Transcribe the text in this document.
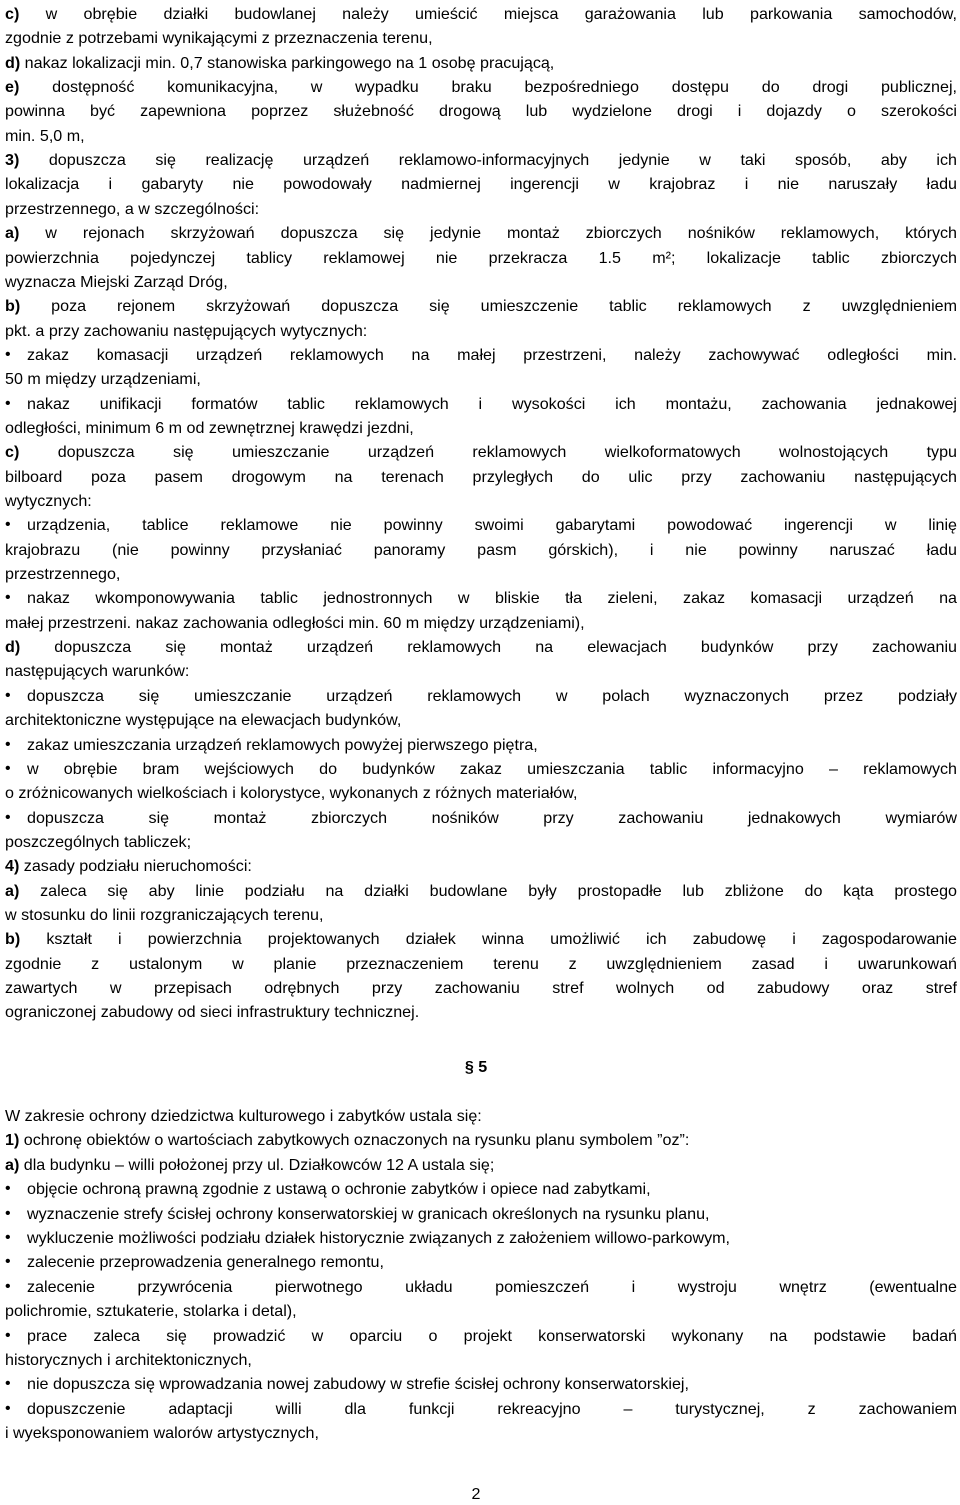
c) w obrębie działki budowlanej należy umieścić miejsca garażowania lub parkowania samochodów,
zgodnie z potrzebami wynikającymi z przeznaczenia terenu,
d) nakaz lokalizacji min. 0,7 stanowiska parkingowego na 1 osobę pracującą,
e) dostępność komunikacyjna, w wypadku braku bezpośredniego dostępu do drogi publicznej,
powinna być zapewniona poprzez służebność drogową lub wydzielone drogi i dojazdy o szerokości
min. 5,0 m,
3) dopuszcza się realizację urządzeń reklamowo-informacyjnych jedynie w taki sposób, aby ich
lokalizacja i gabaryty nie powodowały nadmiernej ingerencji w krajobraz i nie naruszały ładu
przestrzennego, a w szczególności:
a) w rejonach skrzyżowań dopuszcza się jedynie montaż zbiorczych nośników reklamowych, których
powierzchnia pojedynczej tablicy reklamowej nie przekracza 1.5 m²; lokalizacje tablic zbiorczych
wyznacza Miejski Zarząd Dróg,
b) poza rejonem skrzyżowań dopuszcza się umieszczenie tablic reklamowych z uwzględnieniem
pkt. a przy zachowaniu następujących wytycznych:
• zakaz komasacji urządzeń reklamowych na małej przestrzeni, należy zachowywać odległości min.
50 m między urządzeniami,
• nakaz unifikacji formatów tablic reklamowych i wysokości ich montażu, zachowania jednakowej
odległości, minimum 6 m od zewnętrznej krawędzi jezdni,
c) dopuszcza się umieszczanie urządzeń reklamowych wielkoformatowych wolnostojących typu
bilboard poza pasem drogowym na terenach przyległych do ulic przy zachowaniu następujących
wytycznych:
• urządzenia, tablice reklamowe nie powinny swoimi gabarytami powodować ingerencji w linię
krajobrazu (nie powinny przysłaniać panoramy pasm górskich), i nie powinny naruszać ładu
przestrzennego,
• nakaz wkomponowywania tablic jednostronnych w bliskie tła zieleni, zakaz komasacji urządzeń na
małej przestrzeni. nakaz zachowania odległości min. 60 m między urządzeniami),
d) dopuszcza się montaż urządzeń reklamowych na elewacjach budynków przy zachowaniu
następujących warunków:
• dopuszcza się umieszczanie urządzeń reklamowych w polach wyznaczonych przez podziały
architektoniczne występujące na elewacjach budynków,
• zakaz umieszczania urządzeń reklamowych powyżej pierwszego piętra,
• w obrębie bram wejściowych do budynków zakaz umieszczania tablic informacyjno – reklamowych
o zróżnicowanych wielkościach i kolorystyce, wykonanych z różnych materiałów,
• dopuszcza się montaż zbiorczych nośników przy zachowaniu jednakowych wymiarów
poszczególnych tabliczek;
4) zasady podziału nieruchomości:
a) zaleca się aby linie podziału na działki budowlane były prostopadłe lub zbliżone do kąta prostego
w stosunku do linii rozgraniczających terenu,
b) kształt i powierzchnia projektowanych działek winna umożliwić ich zabudowę i zagospodarowanie
zgodnie z ustalonym w planie przeznaczeniem terenu z uwzględnieniem zasad i uwarunkowań
zawartych w przepisach odrębnych przy zachowaniu stref wolnych od zabudowy oraz stref
ograniczonej zabudowy od sieci infrastruktury technicznej.
W zakresie ochrony dziedzictwa kulturowego i zabytków ustala się:
1) ochronę obiektów o wartościach zabytkowych oznaczonych na rysunku planu symbolem ”oz”:
a) dla budynku – willi położonej przy ul. Działkowców 12 A ustala się;
• objęcie ochroną prawną zgodnie z ustawą o ochronie zabytków i opiece nad zabytkami,
• wyznaczenie strefy ścisłej ochrony konserwatorskiej w granicach określonych na rysunku planu,
• wykluczenie możliwości podziału działek historycznie związanych z założeniem willowo-parkowym,
• zalecenie przeprowadzenia generalnego remontu,
• zalecenie przywrócenia pierwotnego układu pomieszczeń i wystroju wnętrz (ewentualne
polichromie, sztukaterie, stolarka i detal),
• prace zaleca się prowadzić w oparciu o projekt konserwatorski wykonany na podstawie badań
historycznych i architektonicznych,
• nie dopuszcza się wprowadzania nowej zabudowy w strefie ścisłej ochrony konserwatorskiej,
• dopuszczenie adaptacji willi dla funkcji rekreacyjno – turystycznej, z zachowaniem
i wyeksponowaniem walorów artystycznych,
§ 5
2
